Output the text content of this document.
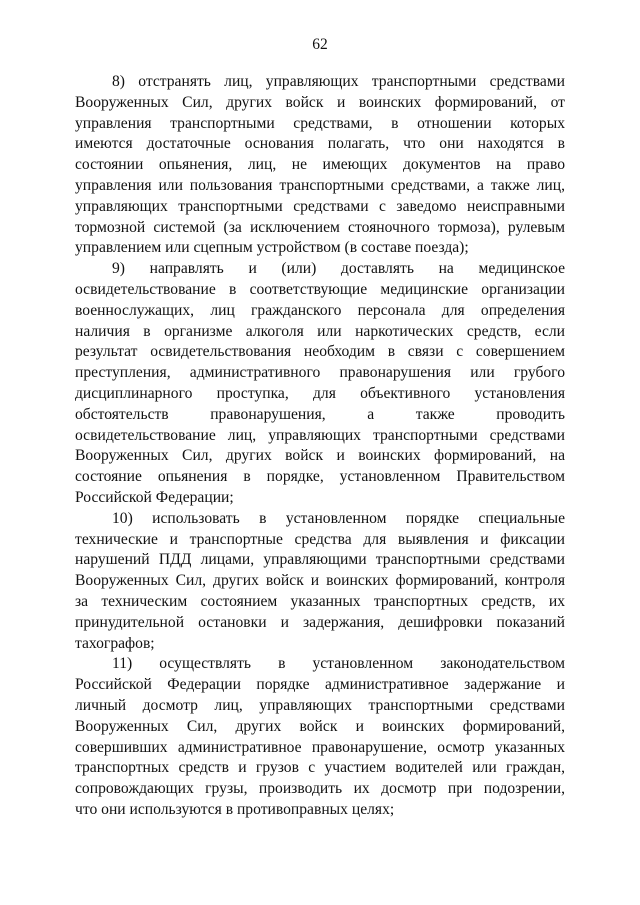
62
8) отстранять лиц, управляющих транспортными средствами
Вооруженных Сил, других войск и воинских формирований, от
управления транспортными средствами, в отношении которых
имеются достаточные основания полагать, что они находятся в
состоянии опьянения, лиц, не имеющих документов на право
управления или пользования транспортными средствами, а также лиц,
управляющих транспортными средствами с заведомо неисправными
тормозной системой (за исключением стояночного тормоза), рулевым
управлением или сцепным устройством (в составе поезда);
9) направлять и (или) доставлять на медицинское
освидетельствование в соответствующие медицинские организации
военнослужащих, лиц гражданского персонала для определения
наличия в организме алкоголя или наркотических средств, если
результат освидетельствования необходим в связи с совершением
преступления, административного правонарушения или грубого
дисциплинарного проступка, для объективного установления
обстоятельств правонарушения, а также проводить
освидетельствование лиц, управляющих транспортными средствами
Вооруженных Сил, других войск и воинских формирований, на
состояние опьянения в порядке, установленном Правительством
Российской Федерации;
10) использовать в установленном порядке специальные
технические и транспортные средства для выявления и фиксации
нарушений ПДД лицами, управляющими транспортными средствами
Вооруженных Сил, других войск и воинских формирований, контроля
за техническим состоянием указанных транспортных средств, их
принудительной остановки и задержания, дешифровки показаний
тахографов;
11) осуществлять в установленном законодательством
Российской Федерации порядке административное задержание и
личный досмотр лиц, управляющих транспортными средствами
Вооруженных Сил, других войск и воинских формирований,
совершивших административное правонарушение, осмотр указанных
транспортных средств и грузов с участием водителей или граждан,
сопровождающих грузы, производить их досмотр при подозрении,
что они используются в противоправных целях;
